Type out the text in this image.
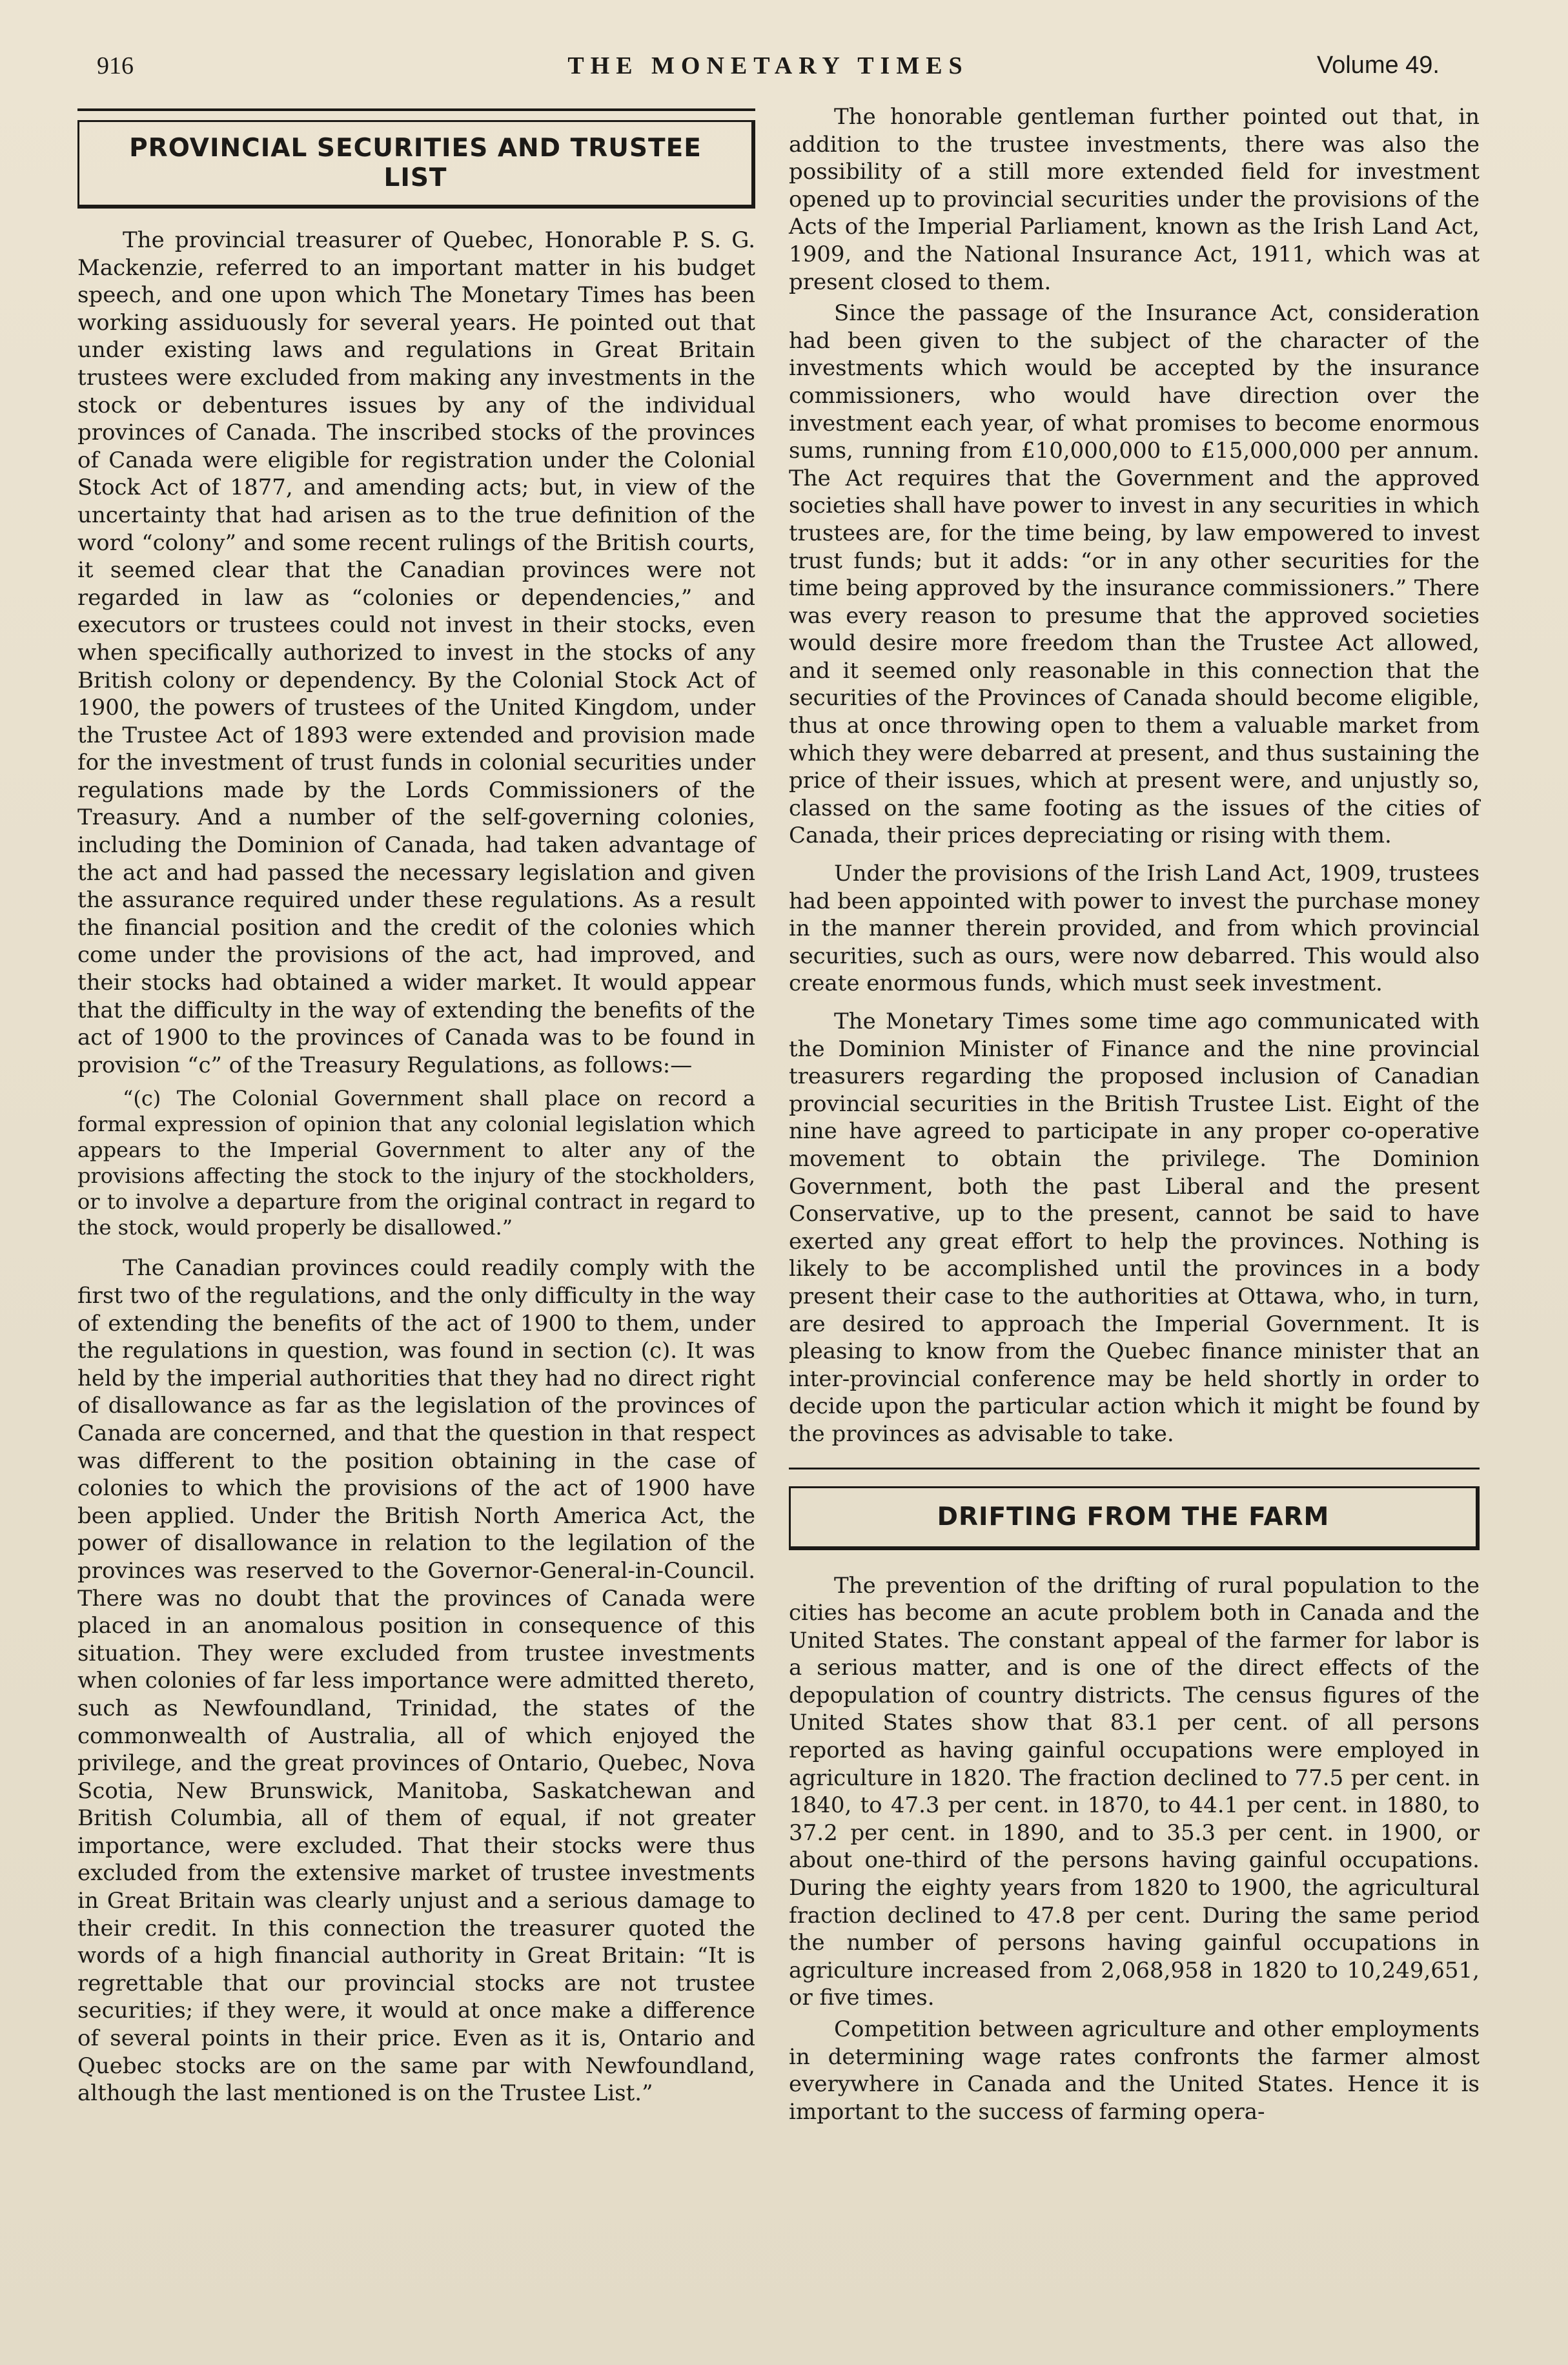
916	THE MONETARY TIMES	Volume 49.
PROVINCIAL SECURITIES AND TRUSTEE LIST

The provincial treasurer of Quebec, Honorable P. S. G. Mackenzie, referred to an important matter in his budget speech, and one upon which The Monetary Times has been working assiduously for several years. He pointed out that under existing laws and regulations in Great Britain trustees were excluded from making any investments in the stock or debentures issues by any of the individual provinces of Canada. The inscribed stocks of the provinces of Canada were eligible for registration under the Colonial Stock Act of 1877, and amending acts; but, in view of the uncertainty that had arisen as to the true definition of the word “colony” and some recent rulings of the British courts, it seemed clear that the Canadian provinces were not regarded in law as “colonies or dependencies,” and executors or trustees could not invest in their stocks, even when specifically authorized to invest in the stocks of any British colony or dependency. By the Colonial Stock Act of 1900, the powers of trustees of the United Kingdom, under the Trustee Act of 1893 were extended and provision made for the investment of trust funds in colonial securities under regulations made by the Lords Commissioners of the Treasury. And a number of the self-governing colonies, including the Dominion of Canada, had taken advantage of the act and had passed the necessary legislation and given the assurance required under these regulations. As a result the financial position and the credit of the colonies which come under the provisions of the act, had improved, and their stocks had obtained a wider market. It would appear that the difficulty in the way of extending the benefits of the act of 1900 to the provinces of Canada was to be found in provision “c” of the Treasury Regulations, as follows:—

“(c) The Colonial Government shall place on record a formal expression of opinion that any colonial legislation which appears to the Imperial Government to alter any of the provisions affecting the stock to the injury of the stockholders, or to involve a departure from the original contract in regard to the stock, would properly be disallowed.”

The Canadian provinces could readily comply with the first two of the regulations, and the only difficulty in the way of extending the benefits of the act of 1900 to them, under the regulations in question, was found in section (c). It was held by the imperial authorities that they had no direct right of disallowance as far as the legislation of the provinces of Canada are concerned, and that the question in that respect was different to the position obtaining in the case of colonies to which the provisions of the act of 1900 have been applied. Under the British North America Act, the power of disallowance in relation to the legilation of the provinces was reserved to the Governor-General-in-Council. There was no doubt that the provinces of Canada were placed in an anomalous position in consequence of this situation. They were excluded from trustee investments when colonies of far less importance were admitted thereto, such as Newfoundland, Trinidad, the states of the commonwealth of Australia, all of which enjoyed the privilege, and the great provinces of Ontario, Quebec, Nova Scotia, New Brunswick, Manitoba, Saskatchewan and British Columbia, all of them of equal, if not greater importance, were excluded. That their stocks were thus excluded from the extensive market of trustee investments in Great Britain was clearly unjust and a serious damage to their credit. In this connection the treasurer quoted the words of a high financial authority in Great Britain: “It is regrettable that our provincial stocks are not trustee securities; if they were, it would at once make a difference of several points in their price. Even as it is, Ontario and Quebec stocks are on the same par with Newfoundland, although the last mentioned is on the Trustee List.”

The honorable gentleman further pointed out that, in addition to the trustee investments, there was also the possibility of a still more extended field for investment opened up to provincial securities under the provisions of the Acts of the Imperial Parliament, known as the Irish Land Act, 1909, and the National Insurance Act, 1911, which was at present closed to them.

Since the passage of the Insurance Act, consideration had been given to the subject of the character of the investments which would be accepted by the insurance commissioners, who would have direction over the investment each year, of what promises to become enormous sums, running from £10,000,000 to £15,000,000 per annum. The Act requires that the Government and the approved societies shall have power to invest in any securities in which trustees are, for the time being, by law empowered to invest trust funds; but it adds: “or in any other securities for the time being approved by the insurance commissioners.” There was every reason to presume that the approved societies would desire more freedom than the Trustee Act allowed, and it seemed only reasonable in this connection that the securities of the Provinces of Canada should become eligible, thus at once throwing open to them a valuable market from which they were debarred at present, and thus sustaining the price of their issues, which at present were, and unjustly so, classed on the same footing as the issues of the cities of Canada, their prices depreciating or rising with them.

Under the provisions of the Irish Land Act, 1909, trustees had been appointed with power to invest the purchase money in the manner therein provided, and from which provincial securities, such as ours, were now debarred. This would also create enormous funds, which must seek investment.

The Monetary Times some time ago communicated with the Dominion Minister of Finance and the nine provincial treasurers regarding the proposed inclusion of Canadian provincial securities in the British Trustee List. Eight of the nine have agreed to participate in any proper co-operative movement to obtain the privilege. The Dominion Government, both the past Liberal and the present Conservative, up to the present, cannot be said to have exerted any great effort to help the provinces. Nothing is likely to be accomplished until the provinces in a body present their case to the authorities at Ottawa, who, in turn, are desired to approach the Imperial Government. It is pleasing to know from the Quebec finance minister that an inter-provincial conference may be held shortly in order to decide upon the particular action which it might be found by the provinces as advisable to take.

DRIFTING FROM THE FARM

The prevention of the drifting of rural population to the cities has become an acute problem both in Canada and the United States. The constant appeal of the farmer for labor is a serious matter, and is one of the direct effects of the depopulation of country districts. The census figures of the United States show that 83.1 per cent. of all persons reported as having gainful occupations were employed in agriculture in 1820. The fraction declined to 77.5 per cent. in 1840, to 47.3 per cent. in 1870, to 44.1 per cent. in 1880, to 37.2 per cent. in 1890, and to 35.3 per cent. in 1900, or about one-third of the persons having gainful occupations. During the eighty years from 1820 to 1900, the agricultural fraction declined to 47.8 per cent. During the same period the number of persons having gainful occupations in agriculture increased from 2,068,958 in 1820 to 10,249,651, or five times.

Competition between agriculture and other employments in determining wage rates confronts the farmer almost everywhere in Canada and the United States. Hence it is important to the success of farming opera-
